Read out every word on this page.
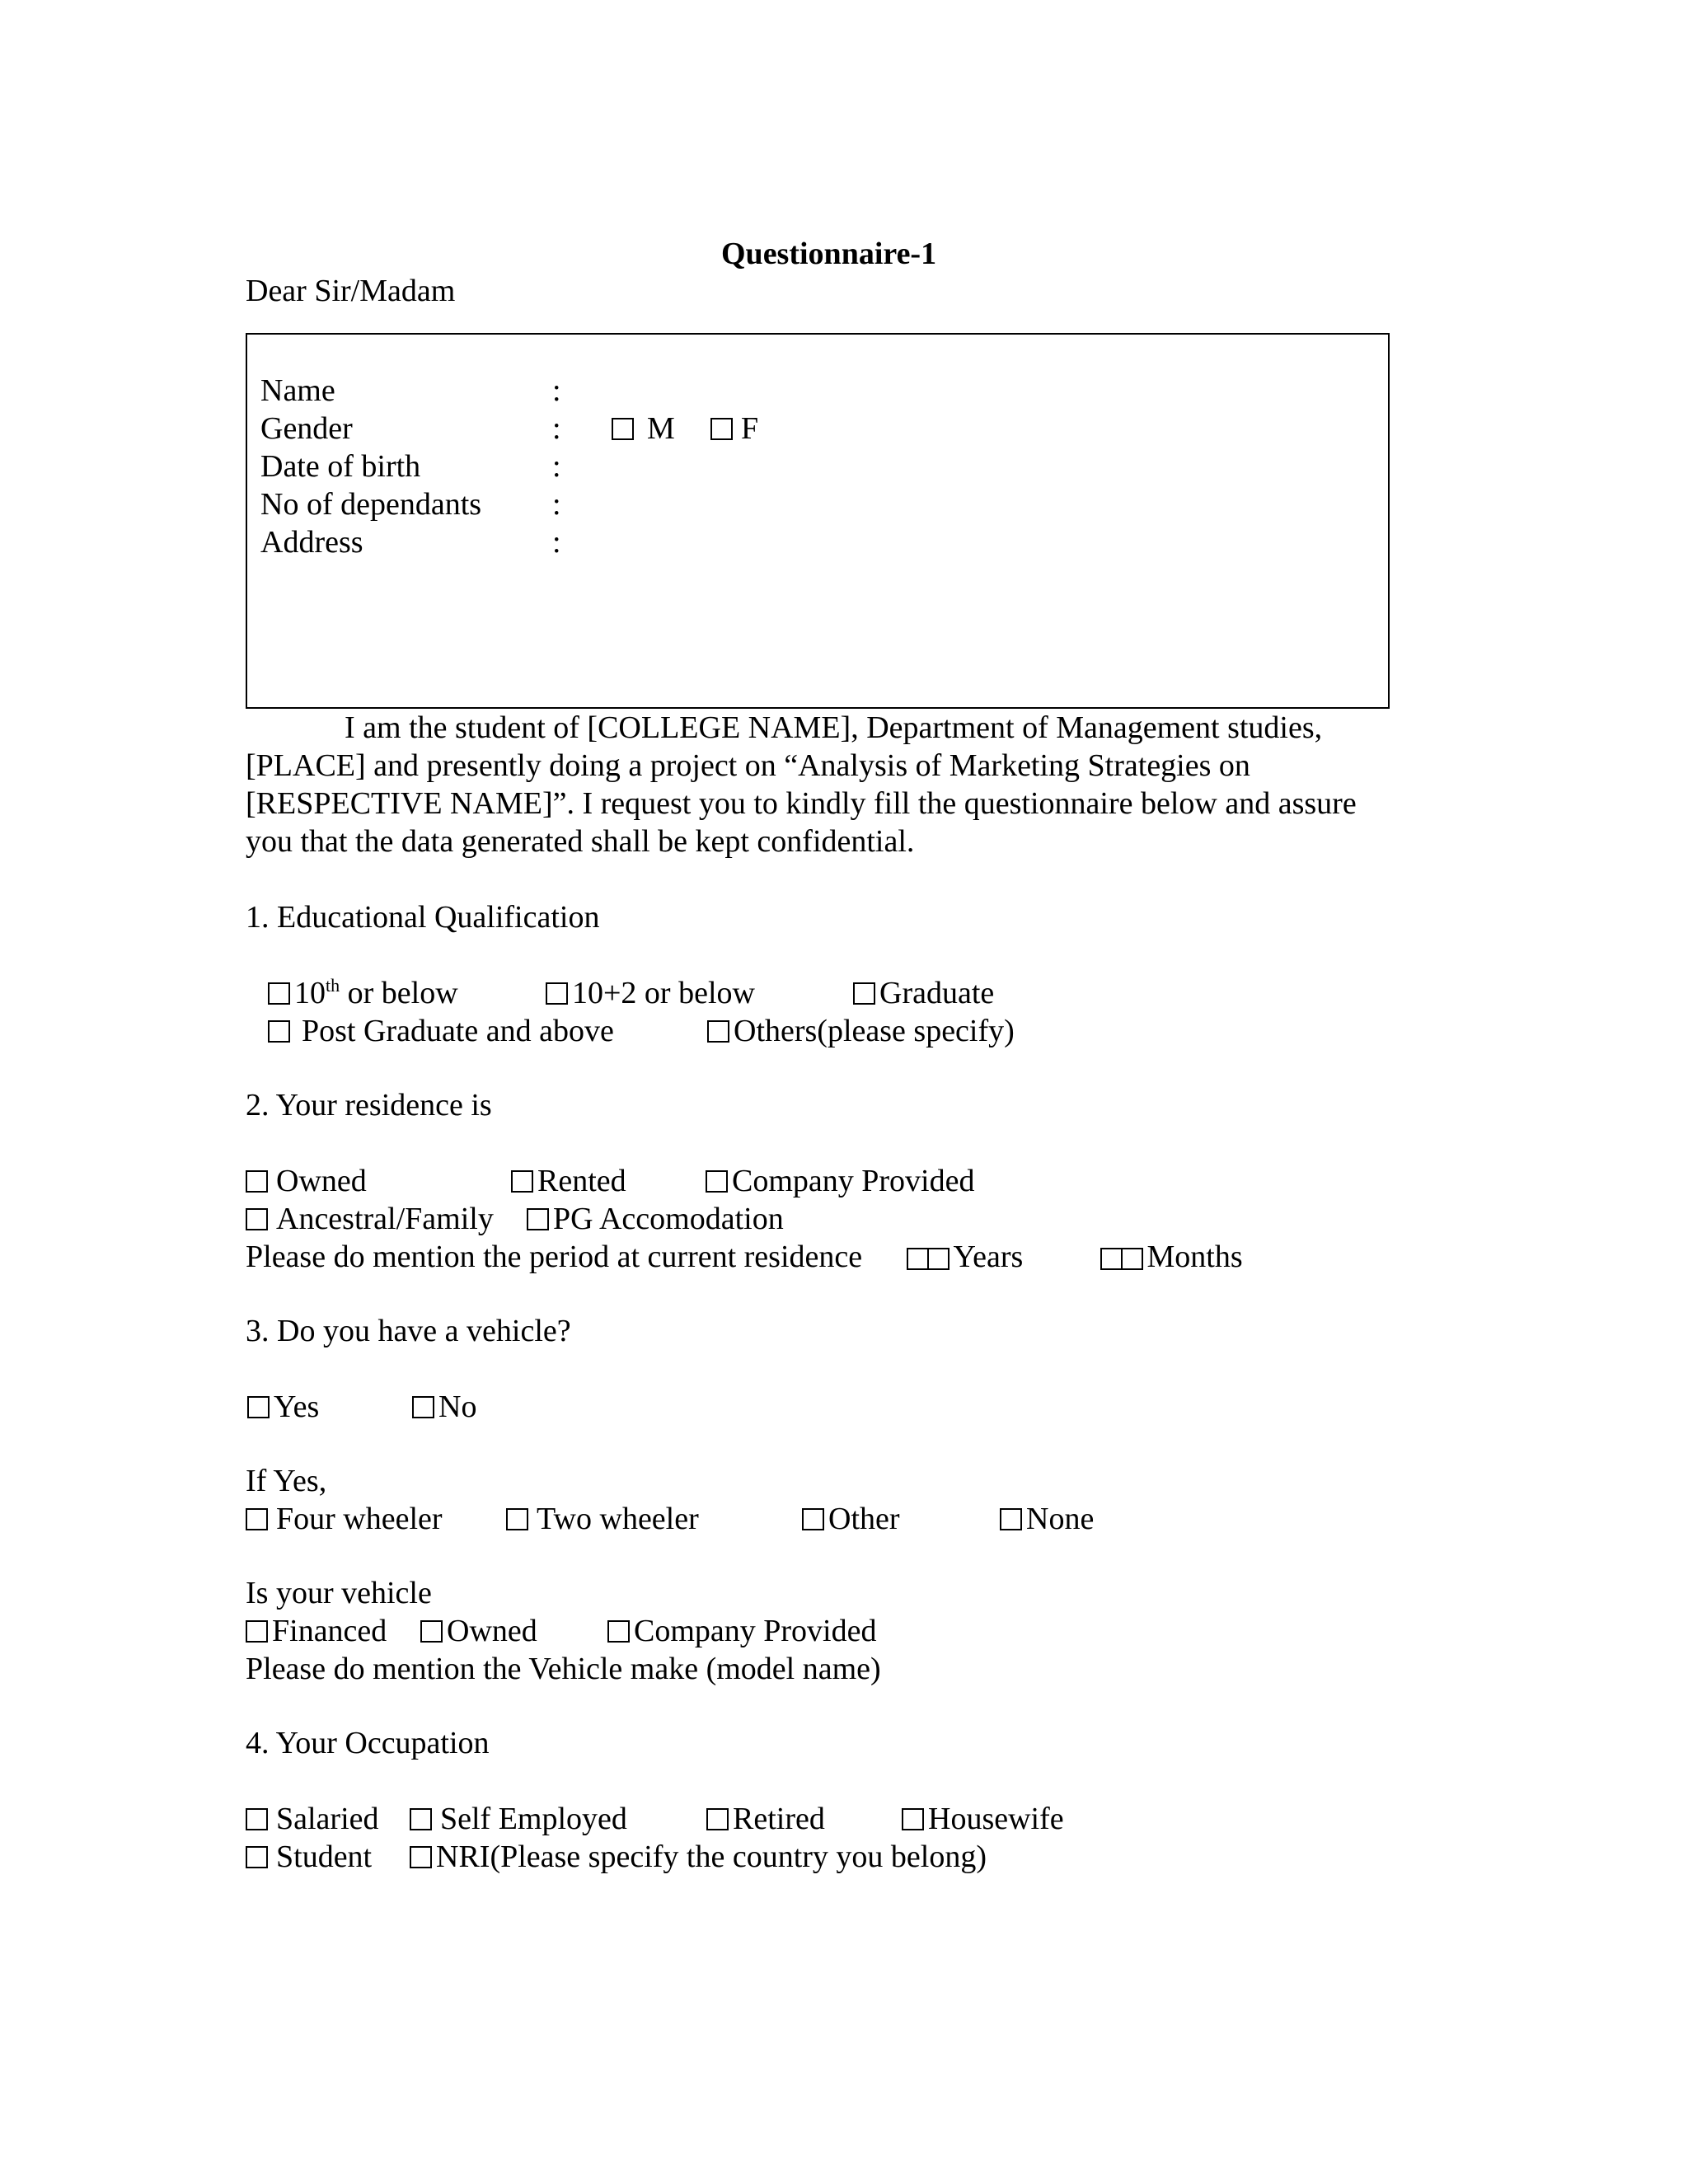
Questionnaire-1
Dear Sir/Madam
Name	:
Gender	:	M	F
Date of birth	:
No of dependants :
Address	:
I am the student of [COLLEGE NAME], Department of Management studies,
[PLACE] and presently doing a project on “Analysis of Marketing Strategies on
[RESPECTIVE NAME]”. I request you to kindly fill the questionnaire below and assure
you that the data generated shall be kept confidential.
1. Educational Qualification
10th or below	10+2 or below	Graduate
Post Graduate and above	Others(please specify)
2. Your residence is
Owned	Rented	Company Provided
Ancestral/Family	PG Accomodation
Please do mention the period at current residence	Years	Months
3. Do you have a vehicle?
Yes	No
If Yes,
Four wheeler	Two wheeler	Other	None
Is your vehicle
Financed	Owned	Company Provided
Please do mention the Vehicle make (model name)
4. Your Occupation
Salaried	Self Employed	Retired	Housewife
Student	NRI(Please specify the country you belong)
